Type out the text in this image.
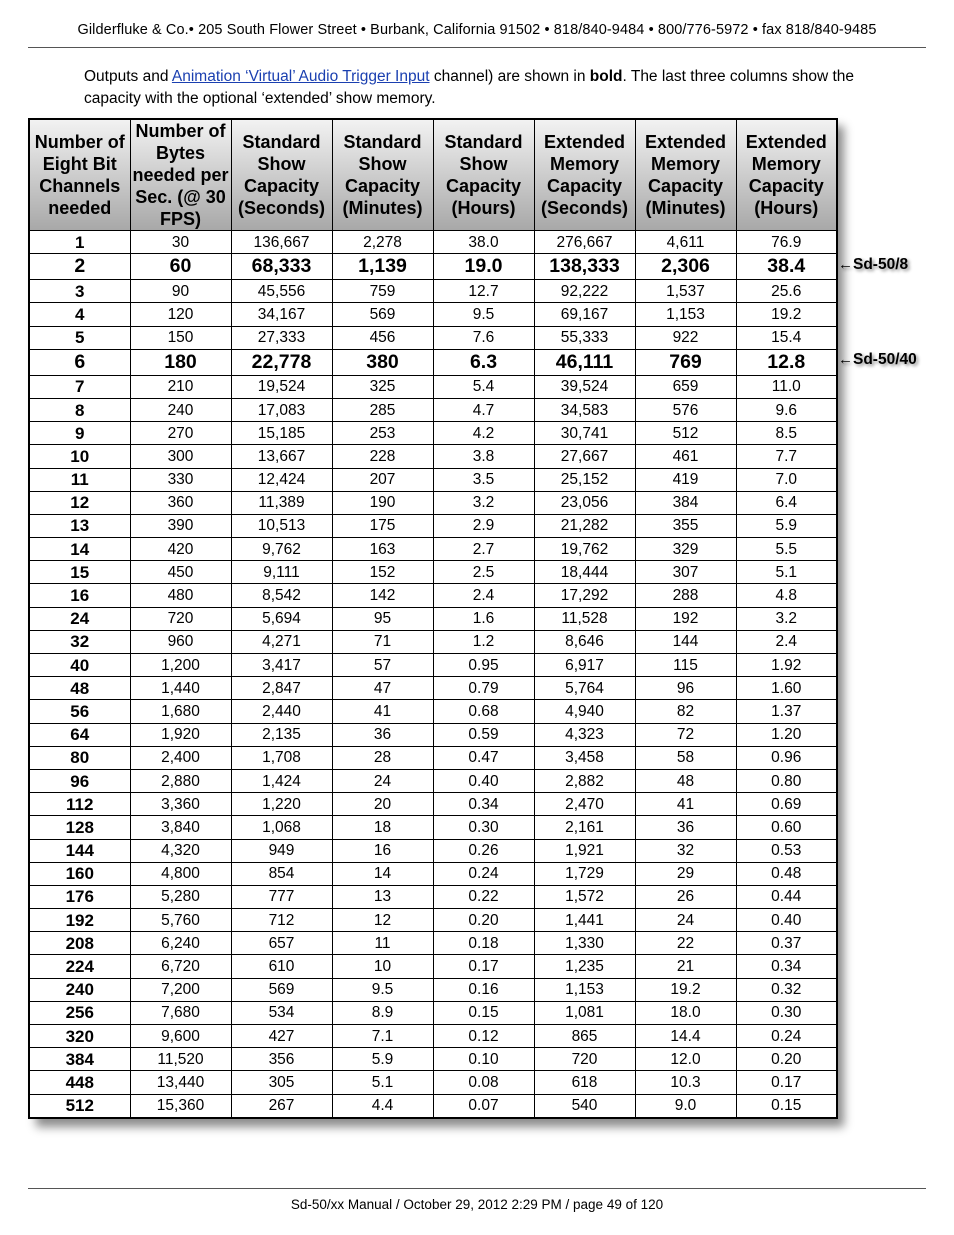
Gilderfluke & Co.• 205 South Flower Street • Burbank, California 91502 • 818/840-9484 • 800/776-5972 • fax 818/840-9485
Outputs and Animation ‘Virtual’ Audio Trigger Input channel) are shown in bold. The last three columns show the capacity with the optional ‘extended’ show memory.
Number of Eight Bit Channels needed	Number of Bytes needed per Sec. (@ 30 FPS)	Standard Show Capacity (Seconds)	Standard Show Capacity (Minutes)	Standard Show Capacity (Hours)	Extended Memory Capacity (Seconds)	Extended Memory Capacity (Minutes)	Extended Memory Capacity (Hours)
1	30	136,667	2,278	38.0	276,667	4,611	76.9
2	60	68,333	1,139	19.0	138,333	2,306	38.4
3	90	45,556	759	12.7	92,222	1,537	25.6
4	120	34,167	569	9.5	69,167	1,153	19.2
5	150	27,333	456	7.6	55,333	922	15.4
6	180	22,778	380	6.3	46,111	769	12.8
7	210	19,524	325	5.4	39,524	659	11.0
8	240	17,083	285	4.7	34,583	576	9.6
9	270	15,185	253	4.2	30,741	512	8.5
10	300	13,667	228	3.8	27,667	461	7.7
11	330	12,424	207	3.5	25,152	419	7.0
12	360	11,389	190	3.2	23,056	384	6.4
13	390	10,513	175	2.9	21,282	355	5.9
14	420	9,762	163	2.7	19,762	329	5.5
15	450	9,111	152	2.5	18,444	307	5.1
16	480	8,542	142	2.4	17,292	288	4.8
24	720	5,694	95	1.6	11,528	192	3.2
32	960	4,271	71	1.2	8,646	144	2.4
40	1,200	3,417	57	0.95	6,917	115	1.92
48	1,440	2,847	47	0.79	5,764	96	1.60
56	1,680	2,440	41	0.68	4,940	82	1.37
64	1,920	2,135	36	0.59	4,323	72	1.20
80	2,400	1,708	28	0.47	3,458	58	0.96
96	2,880	1,424	24	0.40	2,882	48	0.80
112	3,360	1,220	20	0.34	2,470	41	0.69
128	3,840	1,068	18	0.30	2,161	36	0.60
144	4,320	949	16	0.26	1,921	32	0.53
160	4,800	854	14	0.24	1,729	29	0.48
176	5,280	777	13	0.22	1,572	26	0.44
192	5,760	712	12	0.20	1,441	24	0.40
208	6,240	657	11	0.18	1,330	22	0.37
224	6,720	610	10	0.17	1,235	21	0.34
240	7,200	569	9.5	0.16	1,153	19.2	0.32
256	7,680	534	8.9	0.15	1,081	18.0	0.30
320	9,600	427	7.1	0.12	865	14.4	0.24
384	11,520	356	5.9	0.10	720	12.0	0.20
448	13,440	305	5.1	0.08	618	10.3	0.17
512	15,360	267	4.4	0.07	540	9.0	0.15
←Sd-50/8
←Sd-50/40
Sd-50/xx Manual / October 29, 2012 2:29 PM / page 49 of 120
